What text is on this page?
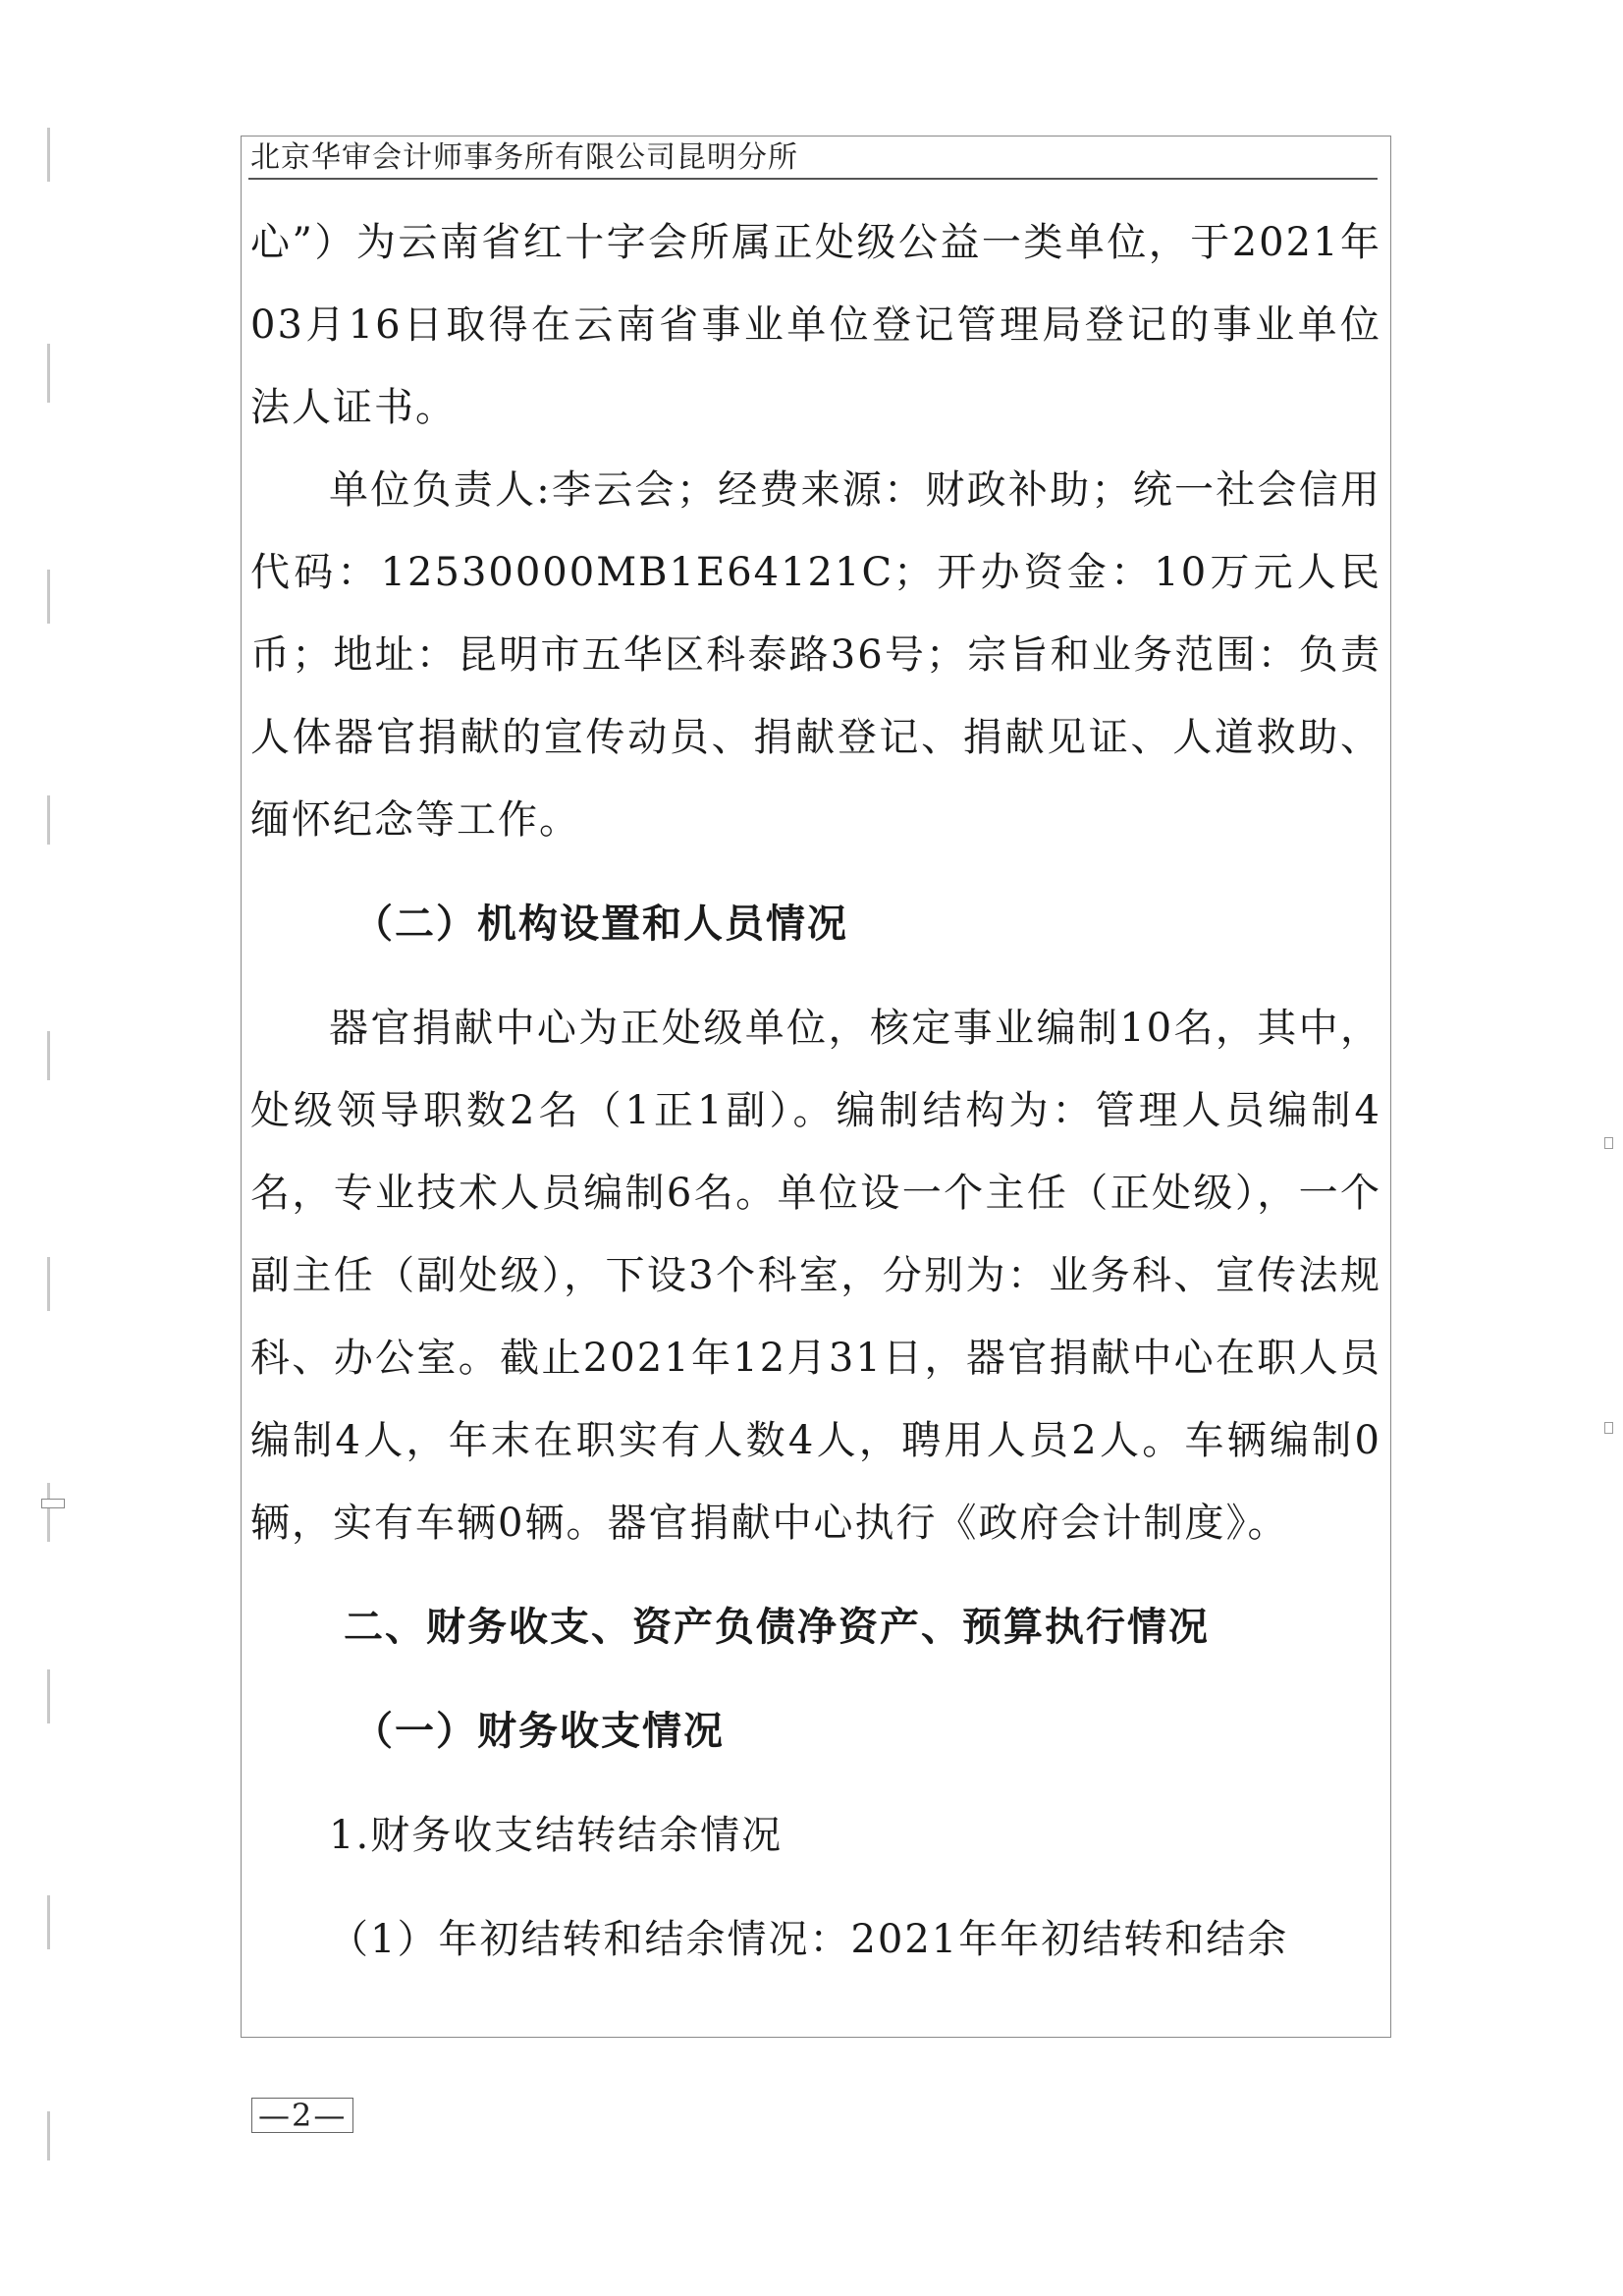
北京华审会计师事务所有限公司昆明分所

心”）为云南省红十字会所属正处级公益一类单位，于2021年03月16日取得在云南省事业单位登记管理局登记的事业单位法人证书。

单位负责人:李云会；经费来源：财政补助；统一社会信用代码：12530000MB1E64121C；开办资金：10万元人民币；地址：昆明市五华区科泰路36号；宗旨和业务范围：负责人体器官捐献的宣传动员、捐献登记、捐献见证、人道救助、缅怀纪念等工作。

（二）机构设置和人员情况

器官捐献中心为正处级单位，核定事业编制10名，其中，处级领导职数2名（1正1副）。编制结构为：管理人员编制4名，专业技术人员编制6名。单位设一个主任（正处级），一个副主任（副处级），下设3个科室，分别为：业务科、宣传法规科、办公室。截止2021年12月31日，器官捐献中心在职人员编制4人，年末在职实有人数4人，聘用人员2人。车辆编制0辆，实有车辆0辆。器官捐献中心执行《政府会计制度》。

二、财务收支、资产负债净资产、预算执行情况

（一）财务收支情况

1.财务收支结转结余情况

（1）年初结转和结余情况：2021年年初结转和结余

— 2 —
